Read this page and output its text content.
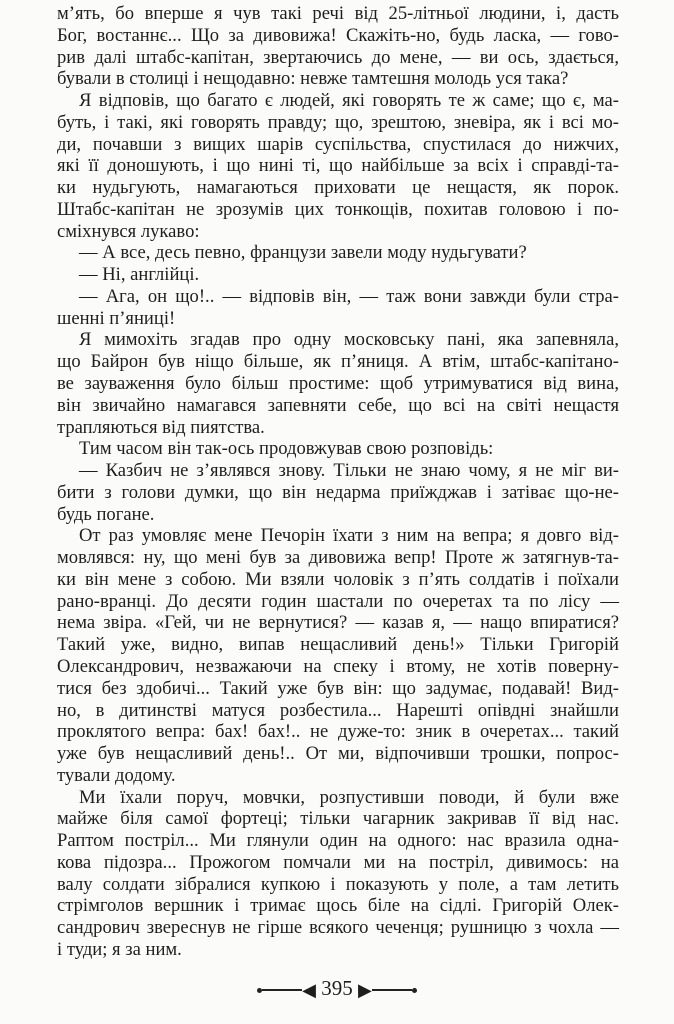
м’ять, бо вперше я чув такі речі від 25-літньої людини, і, дасть
Бог, востаннє... Що за дивовижа! Скажіть-но, будь ласка, — гово-
рив далі штабс-капітан, звертаючись до мене, — ви ось, здається,
бували в столиці і нещодавно: невже тамтешня молодь уся така?
Я відповів, що багато є людей, які говорять те ж саме; що є, ма-
буть, і такі, які говорять правду; що, зрештою, зневіра, як і всі мо-
ди, почавши з вищих шарів суспільства, спустилася до нижчих,
які її доношують, і що нині ті, що найбільше за всіх і справді-та-
ки нудьгують, намагаються приховати це нещастя, як порок.
Штабс-капітан не зрозумів цих тонкощів, похитав головою і по-
сміхнувся лукаво:
— А все, десь певно, французи завели моду нудьгувати?
— Ні, англійці.
— Ага, он що!.. — відповів він, — таж вони завжди були стра-
шенні п’яниці!
Я мимохіть згадав про одну московську пані, яка запевняла,
що Байрон був ніщо більше, як п’яниця. А втім, штабс-капітано-
ве зауваження було більш простиме: щоб утримуватися від вина,
він звичайно намагався запевняти себе, що всі на світі нещастя
трапляються від пиятства.
Тим часом він так-ось продовжував свою розповідь:
— Казбич не з’являвся знову. Тільки не знаю чому, я не міг ви-
бити з голови думки, що він недарма приїжджав і затіває що-не-
будь погане.
От раз умовляє мене Печорін їхати з ним на вепра; я довго від-
мовлявся: ну, що мені був за дивовижа вепр! Проте ж затягнув-та-
ки він мене з собою. Ми взяли чоловік з п’ять солдатів і поїхали
рано-вранці. До десяти годин шастали по очеретах та по лісу —
нема звіра. «Гей, чи не вернутися? — казав я, — нащо впиратися?
Такий уже, видно, випав нещасливий день!» Тільки Григорій
Олександрович, незважаючи на спеку і втому, не хотів поверну-
тися без здобичі... Такий уже був він: що задумає, подавай! Вид-
но, в дитинстві матуся розбестила... Нарешті опівдні знайшли
проклятого вепра: бах! бах!.. не дуже-то: зник в очеретах... такий
уже був нещасливий день!.. От ми, відпочивши трошки, попрос-
тували додому.
Ми їхали поруч, мовчки, розпустивши поводи, й були вже
майже біля самої фортеці; тільки чагарник закривав її від нас.
Раптом постріл... Ми глянули один на одного: нас вразила одна-
кова підозра... Прожогом помчали ми на постріл, дивимось: на
валу солдати зібралися купкою і показують у поле, а там летить
стрімголов вершник і тримає щось біле на сідлі. Григорій Олек-
сандрович звереснув не гірше всякого чеченця; рушницю з чохла —
і туди; я за ним.
◀ 395 ▶
